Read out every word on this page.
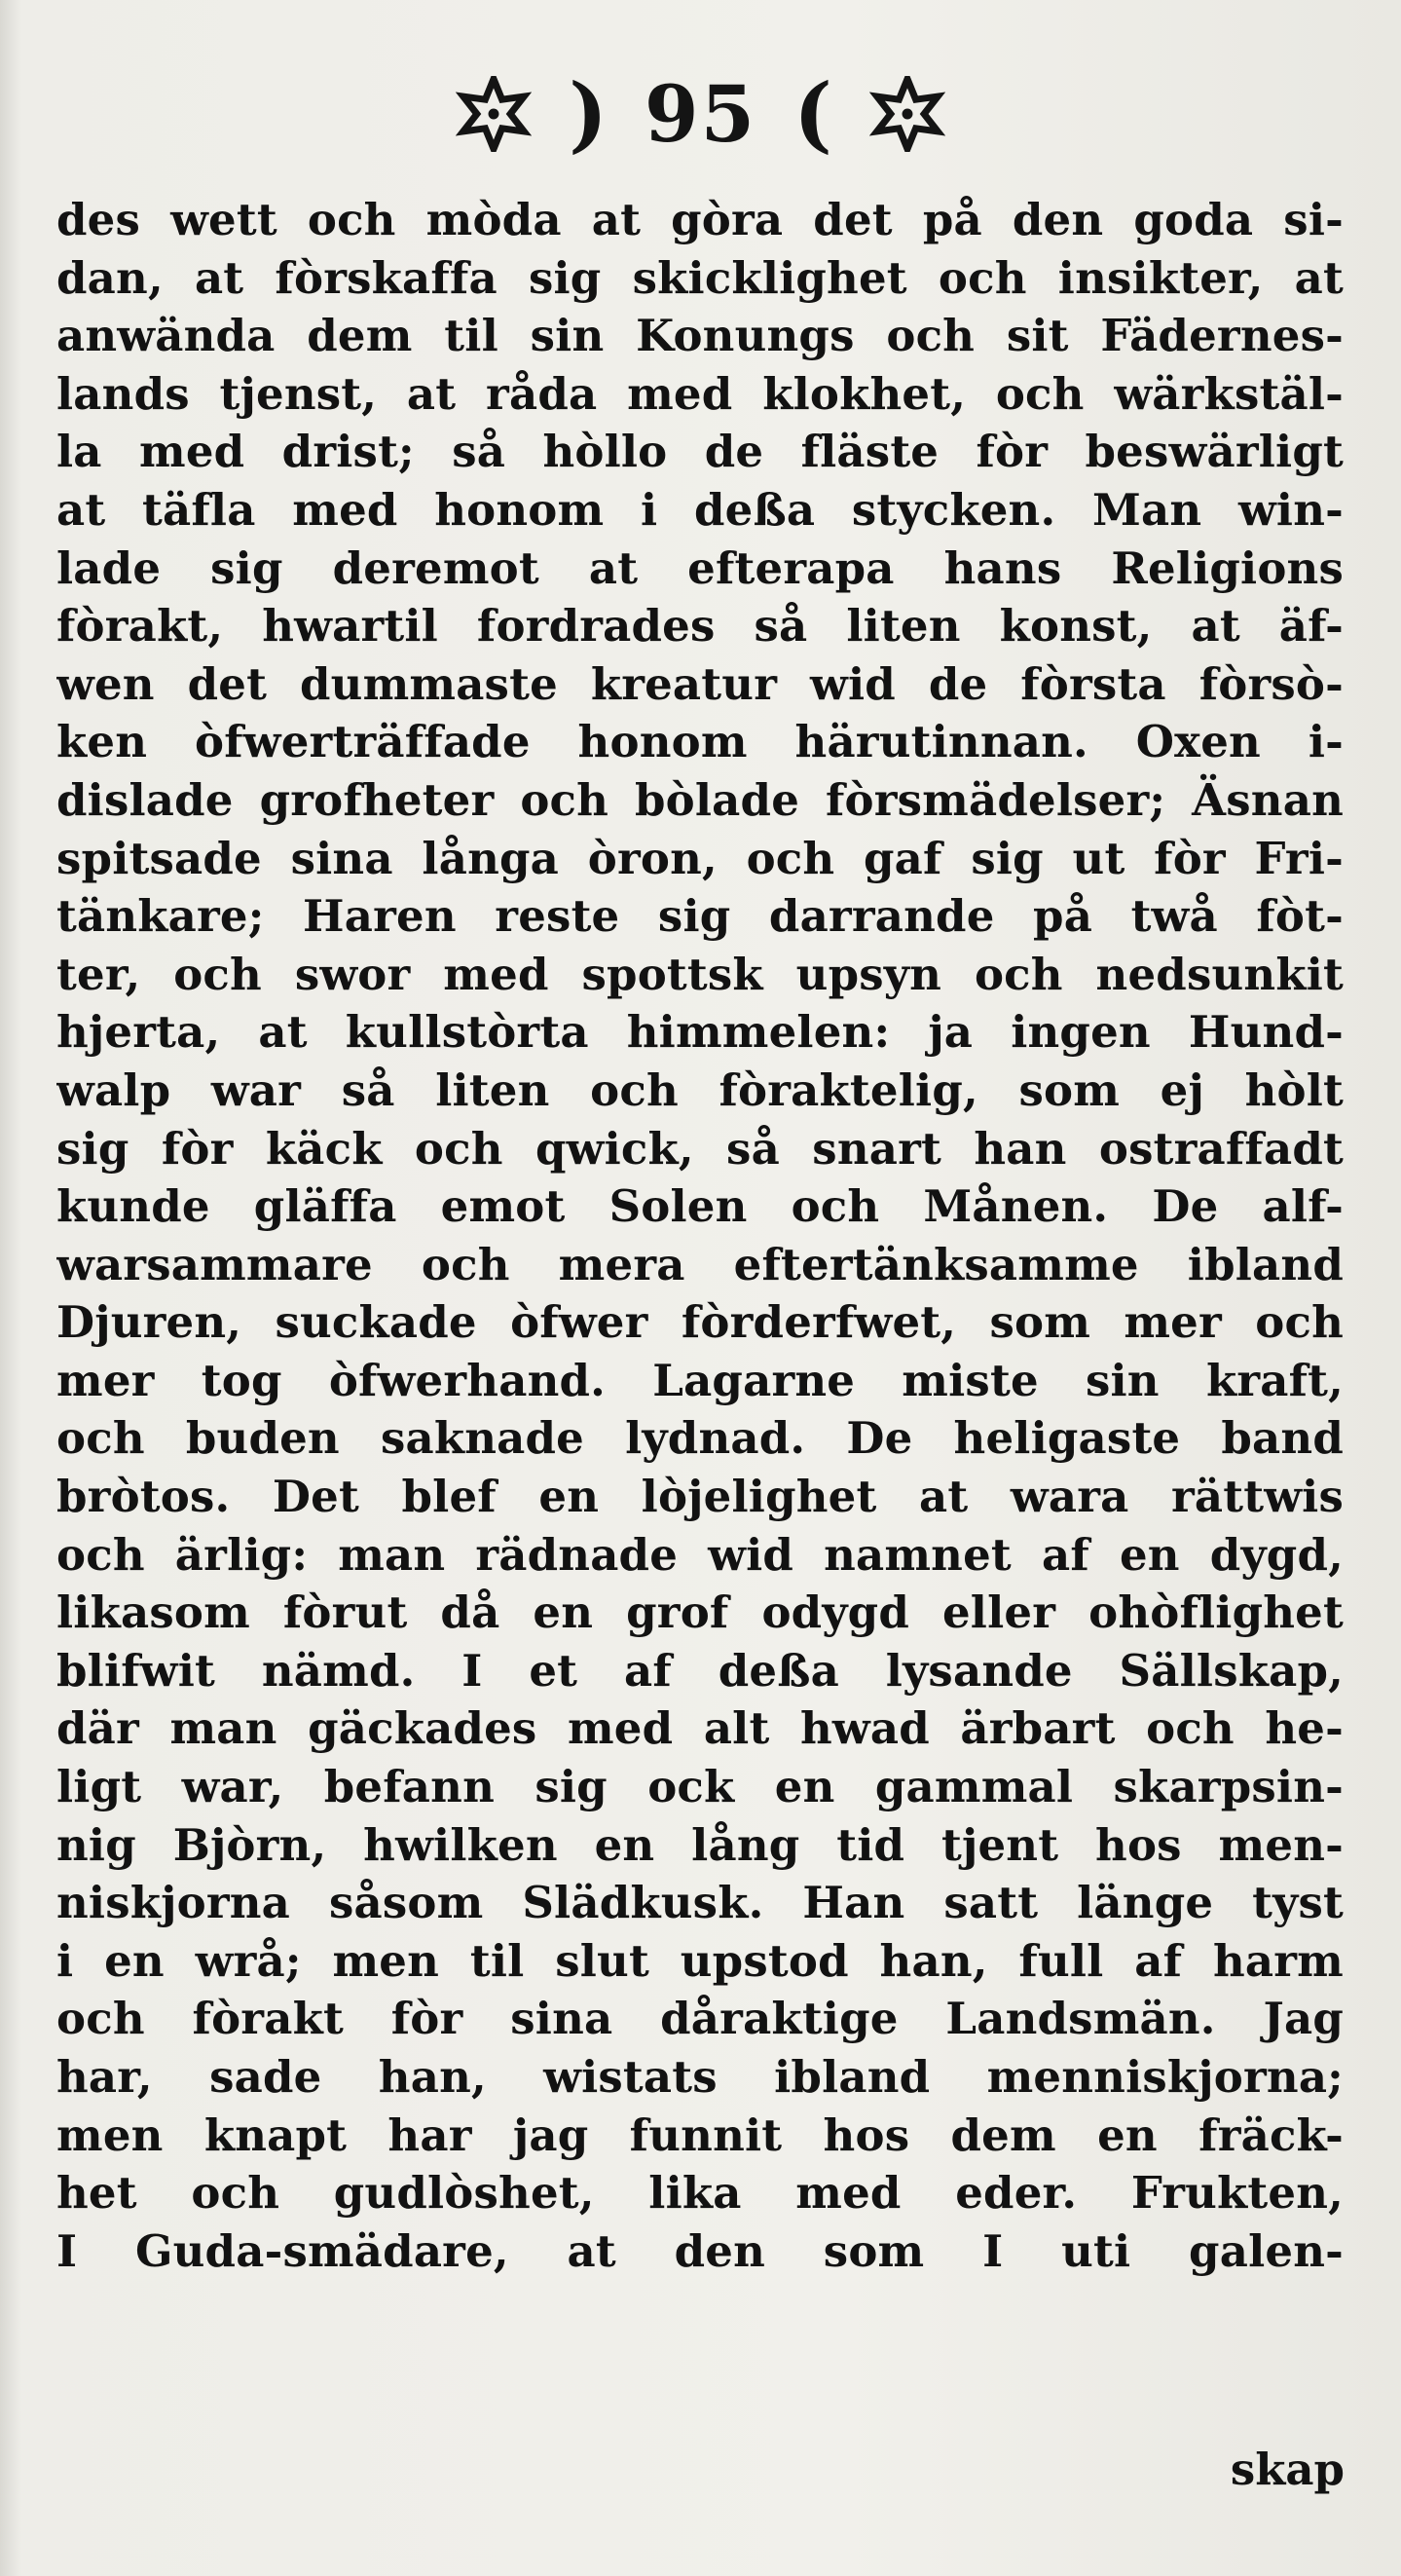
) 95 (
des wett och mòda at gòra det på den goda si-
dan, at fòrskaffa sig skicklighet och insikter, at
anwända dem til sin Konungs och sit Fädernes-
lands tjenst, at råda med klokhet, och wärkstäl-
la med drist; så hòllo de fläste fòr beswärligt
at täfla med honom i deßa stycken. Man win-
lade sig deremot at efterapa hans Religions
fòrakt, hwartil fordrades så liten konst, at äf-
wen det dummaste kreatur wid de fòrsta fòrsò-
ken òfwerträffade honom härutinnan. Oxen i-
dislade grofheter och bòlade fòrsmädelser; Äsnan
spitsade sina långa òron, och gaf sig ut fòr Fri-
tänkare; Haren reste sig darrande på twå fòt-
ter, och swor med spottsk upsyn och nedsunkit
hjerta, at kullstòrta himmelen: ja ingen Hund-
walp war så liten och fòraktelig, som ej hòlt
sig fòr käck och qwick, så snart han ostraffadt
kunde gläffa emot Solen och Månen. De alf-
warsammare och mera eftertänksamme ibland
Djuren, suckade òfwer fòrderfwet, som mer och
mer tog òfwerhand. Lagarne miste sin kraft,
och buden saknade lydnad. De heligaste band
bròtos. Det blef en lòjelighet at wara rättwis
och ärlig: man rädnade wid namnet af en dygd,
likasom fòrut då en grof odygd eller ohòflighet
blifwit nämd. I et af deßa lysande Sällskap,
där man gäckades med alt hwad ärbart och he-
ligt war, befann sig ock en gammal skarpsin-
nig Bjòrn, hwilken en lång tid tjent hos men-
niskjorna såsom Slädkusk. Han satt länge tyst
i en wrå; men til slut upstod han, full af harm
och fòrakt fòr sina dåraktige Landsmän. Jag
har, sade han, wistats ibland menniskjorna;
men knapt har jag funnit hos dem en fräck-
het och gudlòshet, lika med eder. Frukten,
I Guda-smädare, at den som I uti galen-
skap
